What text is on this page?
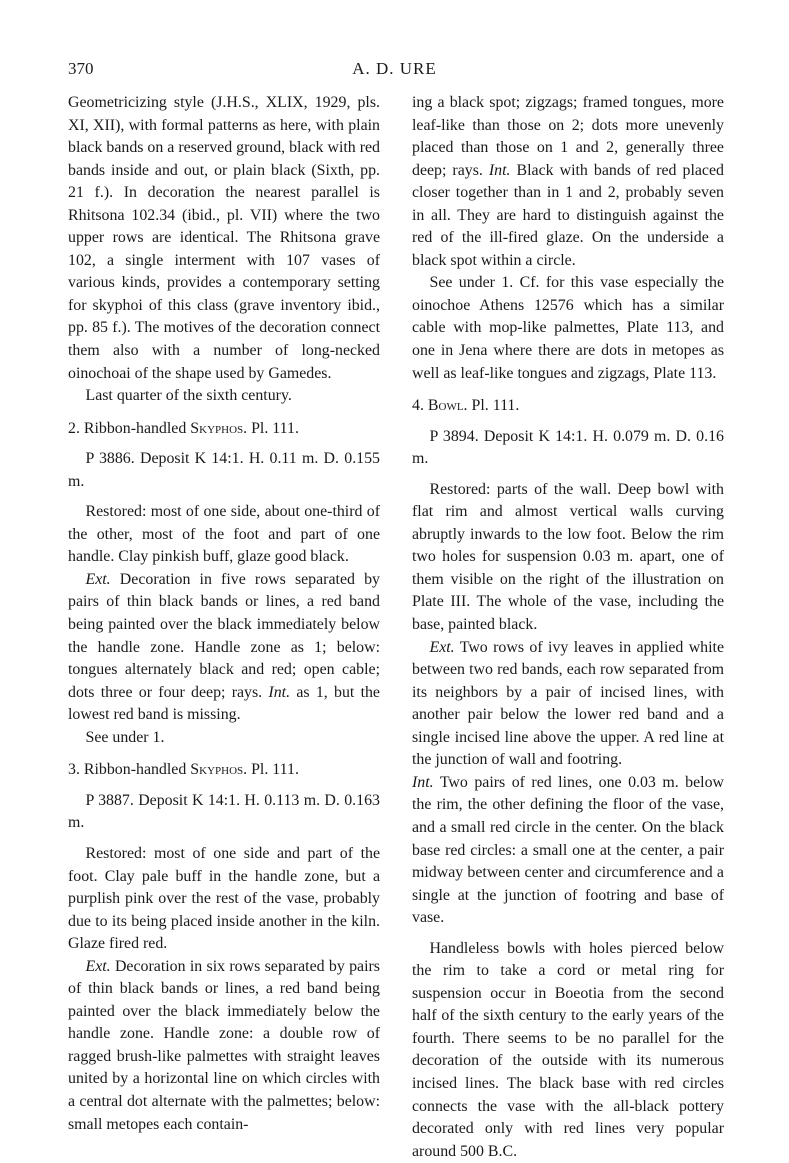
370	A. D. URE

Geometricizing style (J.H.S., XLIX, 1929, pls. XI, XII), with formal patterns as here, with plain black bands on a reserved ground, black with red bands inside and out, or plain black (Sixth, pp. 21 f.). In decoration the nearest parallel is Rhitsona 102.34 (ibid., pl. VII) where the two upper rows are identical. The Rhitsona grave 102, a single interment with 107 vases of various kinds, provides a contemporary setting for skyphoi of this class (grave inventory ibid., pp. 85 f.). The motives of the decoration connect them also with a number of long-necked oinochoai of the shape used by Gamedes.

Last quarter of the sixth century.

2. Ribbon-handled Skyphos. Pl. 111.

P 3886. Deposit K 14:1. H. 0.11 m. D. 0.155 m.

Restored: most of one side, about one-third of the other, most of the foot and part of one handle. Clay pinkish buff, glaze good black.

Ext. Decoration in five rows separated by pairs of thin black bands or lines, a red band being painted over the black immediately below the handle zone. Handle zone as 1; below: tongues alternately black and red; open cable; dots three or four deep; rays. Int. as 1, but the lowest red band is missing.

See under 1.

3. Ribbon-handled Skyphos. Pl. 111.

P 3887. Deposit K 14:1. H. 0.113 m. D. 0.163 m.

Restored: most of one side and part of the foot. Clay pale buff in the handle zone, but a purplish pink over the rest of the vase, probably due to its being placed inside another in the kiln. Glaze fired red.

Ext. Decoration in six rows separated by pairs of thin black bands or lines, a red band being painted over the black immediately below the handle zone. Handle zone: a double row of ragged brush-like palmettes with straight leaves united by a horizontal line on which circles with a central dot alternate with the palmettes; below: small metopes each contain-

ing a black spot; zigzags; framed tongues, more leaf-like than those on 2; dots more unevenly placed than those on 1 and 2, generally three deep; rays. Int. Black with bands of red placed closer together than in 1 and 2, probably seven in all. They are hard to distinguish against the red of the ill-fired glaze. On the underside a black spot within a circle.

See under 1. Cf. for this vase especially the oinochoe Athens 12576 which has a similar cable with mop-like palmettes, Plate 113, and one in Jena where there are dots in metopes as well as leaf-like tongues and zigzags, Plate 113.

4. Bowl. Pl. 111.

P 3894. Deposit K 14:1. H. 0.079 m. D. 0.16 m.

Restored: parts of the wall. Deep bowl with flat rim and almost vertical walls curving abruptly inwards to the low foot. Below the rim two holes for suspension 0.03 m. apart, one of them visible on the right of the illustration on Plate III. The whole of the vase, including the base, painted black.

Ext. Two rows of ivy leaves in applied white between two red bands, each row separated from its neighbors by a pair of incised lines, with another pair below the lower red band and a single incised line above the upper. A red line at the junction of wall and footring.

Int. Two pairs of red lines, one 0.03 m. below the rim, the other defining the floor of the vase, and a small red circle in the center. On the black base red circles: a small one at the center, a pair midway between center and circumference and a single at the junction of footring and base of vase.

Handleless bowls with holes pierced below the rim to take a cord or metal ring for suspension occur in Boeotia from the second half of the sixth century to the early years of the fourth. There seems to be no parallel for the decoration of the outside with its numerous incised lines. The black base with red circles connects the vase with the all-black pottery decorated only with red lines very popular around 500 B.C.
